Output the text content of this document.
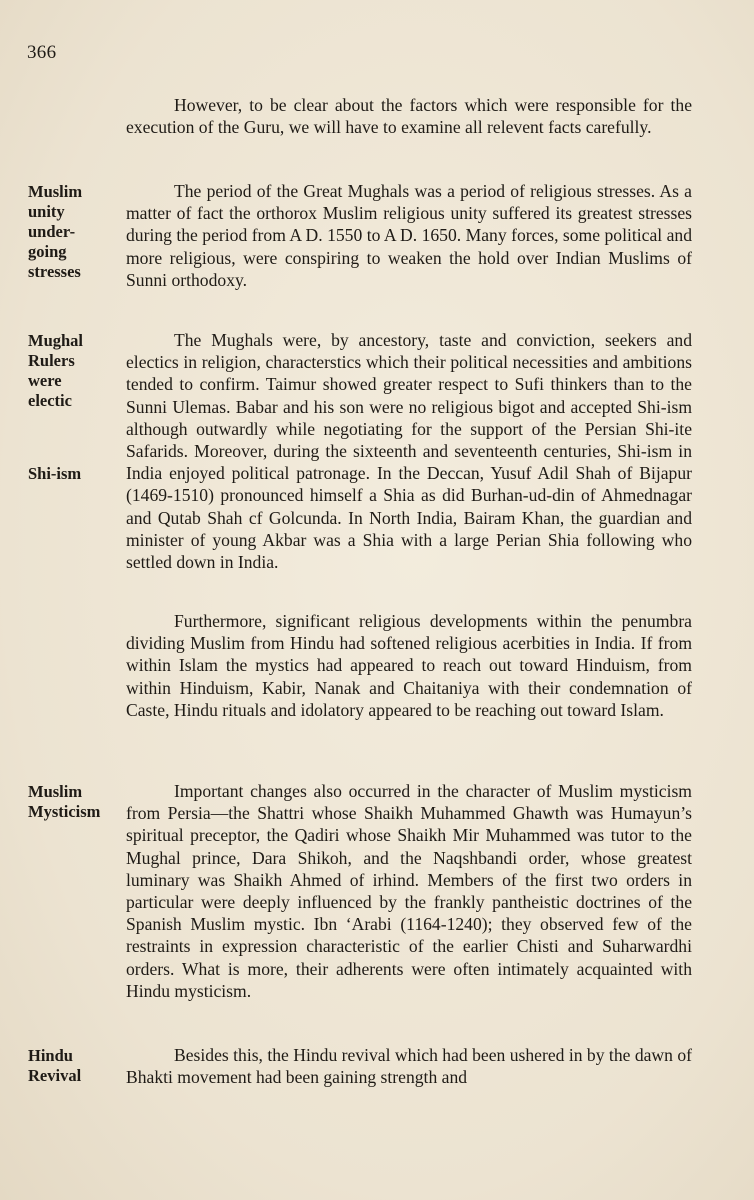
366
Muslim
unity
under-
going
stresses
Mughal
Rulers
were
electic
Shi-ism
Muslim
Mysticism
Hindu
Revival
However, to be clear about the factors which were responsible for the execution of the Guru, we will have to examine all relevent facts carefully.
The period of the Great Mughals was a period of religious stresses. As a matter of fact the orthorox Muslim religious unity suffered its greatest stresses during the period from A D. 1550 to A D. 1650. Many forces, some political and more religious, were conspiring to weaken the hold over Indian Muslims of Sunni orthodoxy.
The Mughals were, by ancestory, taste and conviction, seekers and electics in religion, characterstics which their political necessities and ambitions tended to confirm. Taimur showed greater respect to Sufi thinkers than to the Sunni Ulemas. Babar and his son were no religious bigot and accepted Shi-ism although outwardly while negotiating for the support of the Persian Shi-ite Safarids. Moreover, during the sixteenth and seventeenth centuries, Shi-ism in India enjoyed political patronage. In the Deccan, Yusuf Adil Shah of Bijapur (1469-1510) pronounced himself a Shia as did Burhan-ud-din of Ahmednagar and Qutab Shah cf Golcunda. In North India, Bairam Khan, the guardian and minister of young Akbar was a Shia with a large Perian Shia following who settled down in India.
Furthermore, significant religious developments within the penumbra dividing Muslim from Hindu had softened religious acerbities in India. If from within Islam the mystics had appeared to reach out toward Hinduism, from within Hinduism, Kabir, Nanak and Chaitaniya with their condemnation of Caste, Hindu rituals and idolatory appeared to be reaching out toward Islam.
Important changes also occurred in the character of Muslim mysticism from Persia—the Shattri whose Shaikh Muhammed Ghawth was Humayun’s spiritual preceptor, the Qadiri whose Shaikh Mir Muhammed was tutor to the Mughal prince, Dara Shikoh, and the Naqshbandi order, whose greatest luminary was Shaikh Ahmed of irhind. Members of the first two orders in particular were deeply influenced by the frankly pantheistic doctrines of the Spanish Muslim mystic. Ibn ‘Arabi (1164-1240); they observed few of the restraints in expression characteristic of the earlier Chisti and Suharwardhi orders. What is more, their adherents were often intimately acquainted with Hindu mysticism.
Besides this, the Hindu revival which had been ushered in by the dawn of Bhakti movement had been gaining strength and
